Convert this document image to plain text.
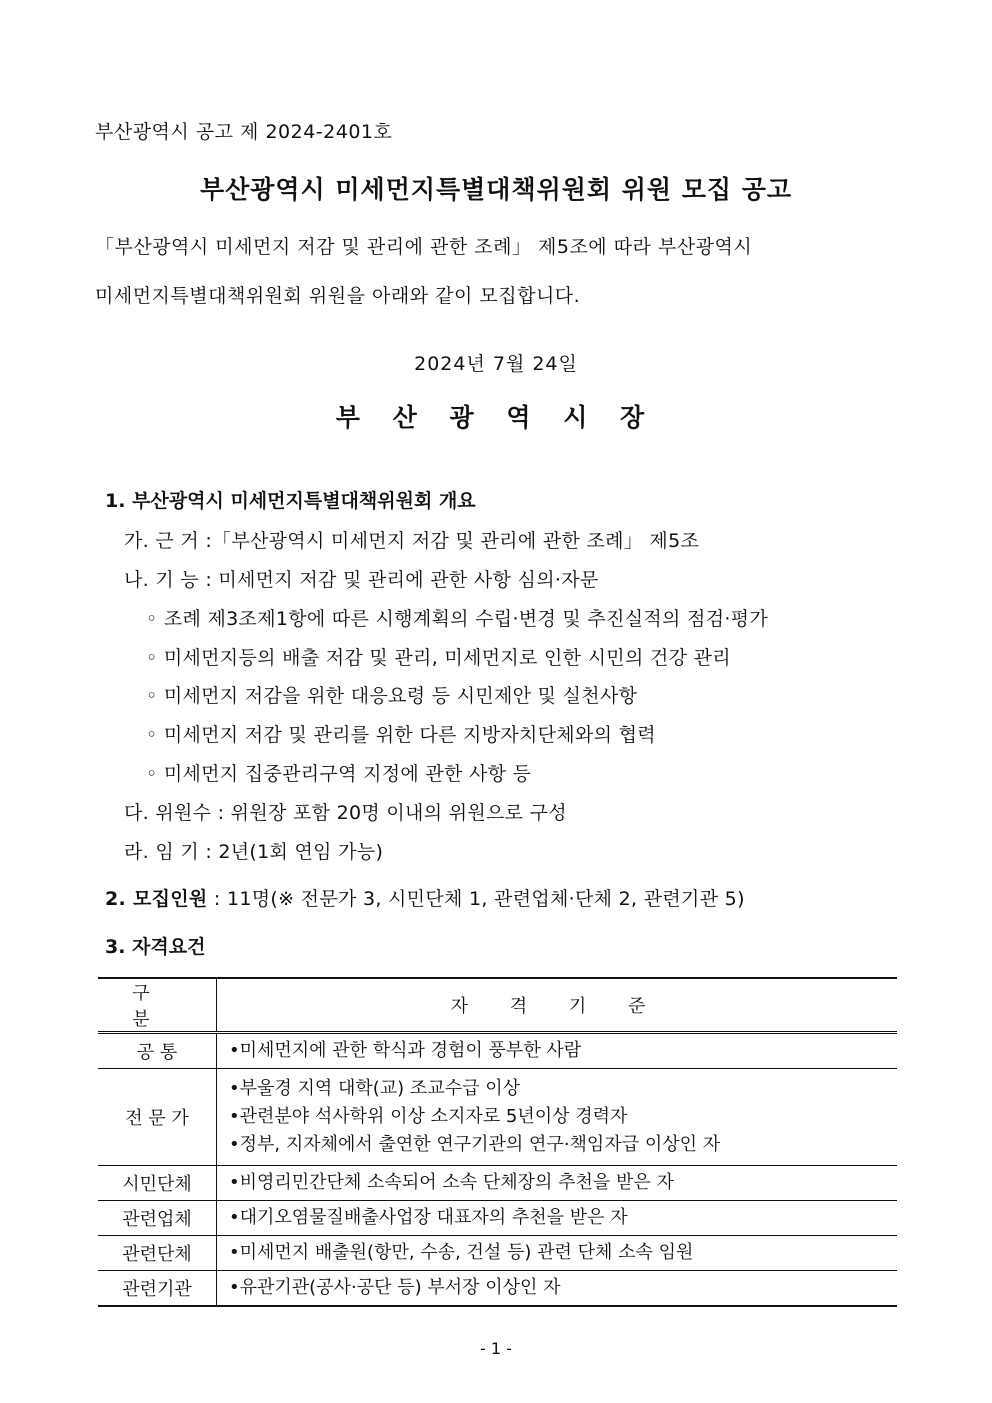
부산광역시 공고 제 2024-2401호
부산광역시 미세먼지특별대책위원회 위원 모집 공고
「부산광역시 미세먼지 저감 및 관리에 관한 조례」 제5조에 따라 부산광역시
미세먼지특별대책위원회 위원을 아래와 같이 모집합니다.
2024년 7월 24일
부 산 광 역 시 장
1. 부산광역시 미세먼지특별대책위원회 개요
가. 근 거 :「부산광역시 미세먼지 저감 및 관리에 관한 조례」 제5조
나. 기 능 : 미세먼지 저감 및 관리에 관한 사항 심의·자문
◦ 조례 제3조제1항에 따른 시행계획의 수립·변경 및 추진실적의 점검·평가
◦ 미세먼지등의 배출 저감 및 관리, 미세먼지로 인한 시민의 건강 관리
◦ 미세먼지 저감을 위한 대응요령 등 시민제안 및 실천사항
◦ 미세먼지 저감 및 관리를 위한 다른 지방자치단체와의 협력
◦ 미세먼지 집중관리구역 지정에 관한 사항 등
다. 위원수 : 위원장 포함 20명 이내의 위원으로 구성
라. 임 기 : 2년(1회 연임 가능)
2. 모집인원 : 11명(※ 전문가 3, 시민단체 1, 관련업체·단체 2, 관련기관 5)
3. 자격요건
구 분	자 격 기 준
공 통	•미세먼지에 관한 학식과 경험이 풍부한 사람

전 문 가	•부울경 지역 대학(교) 조교수급 이상
•관련분야 석사학위 이상 소지자로 5년이상 경력자
•정부, 지자체에서 출연한 연구기관의 연구·책임자급 이상인 자

시민단체	•비영리민간단체 소속되어 소속 단체장의 추천을 받은 자

관련업체	•대기오염물질배출사업장 대표자의 추천을 받은 자

관련단체	•미세먼지 배출원(항만, 수송, 건설 등) 관련 단체 소속 임원

관련기관	•유관기관(공사·공단 등) 부서장 이상인 자
- 1 -
